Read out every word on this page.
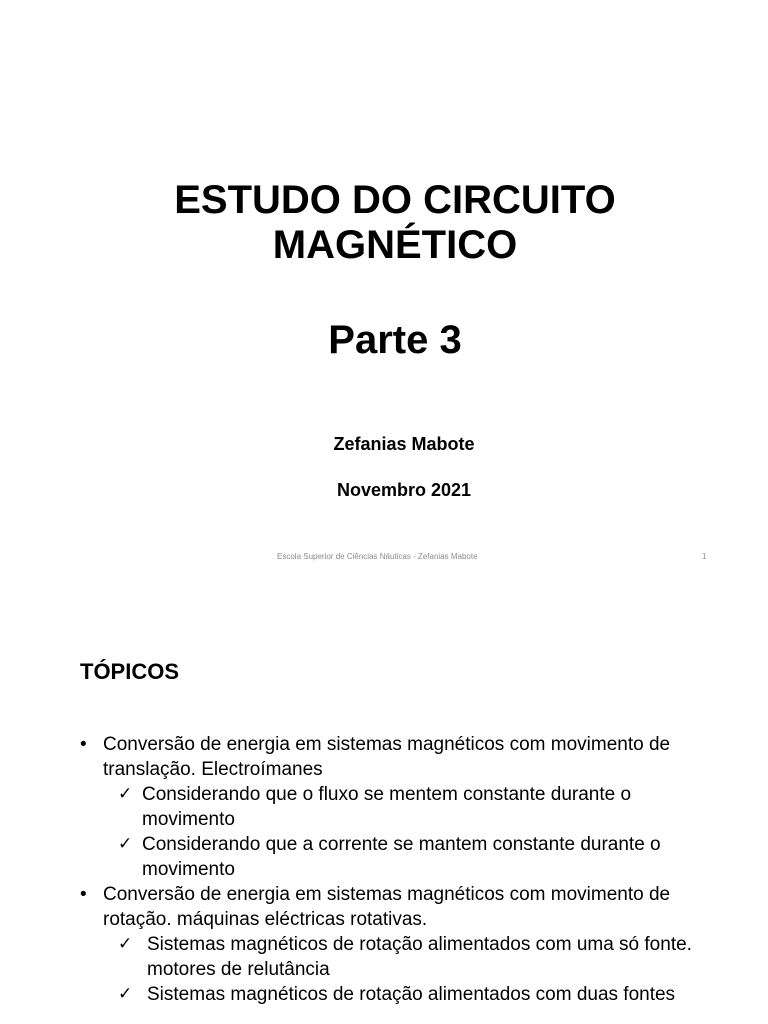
ESTUDO DO CIRCUITO
MAGNÉTICO
Parte 3
Zefanias Mabote
Novembro 2021
Escola Superior de Ciências Náuticas - Zefanias Mabote	1
TÓPICOS
• Conversão de energia em sistemas magnéticos com movimento de translação. Electroímanes
✓ Considerando que o fluxo se mentem constante durante o movimento
✓ Considerando que a corrente se mantem constante durante o movimento
• Conversão de energia em sistemas magnéticos com movimento de rotação. máquinas eléctricas rotativas.
✓ Sistemas magnéticos de rotação alimentados com uma só fonte. motores de relutância
✓ Sistemas magnéticos de rotação alimentados com duas fontes
